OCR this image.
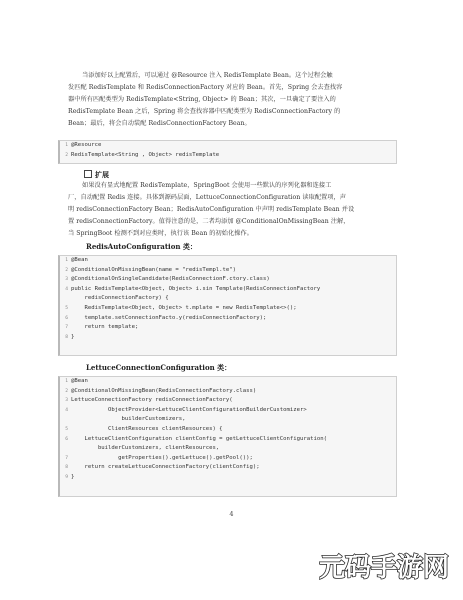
当添加好以上配置后，可以通过 @Resource 注入 RedisTemplate Bean。这个过程会触
发匹配 RedisTemplate 和 RedisConnectionFactory 对应的 Bean。首先，Spring 会去查找容
器中所有匹配类型为 RedisTemplate<String, Object> 的 Bean；其次，一旦确定了要注入的
RedisTemplate Bean 之后，Spring 将会查找容器中匹配类型为 RedisConnectionFactory 的
Bean；最后，将会自动装配 RedisConnectionFactory Bean。
1 @Resource
2 RedisTemplate<String , Object> redisTemplate
扩展
如果没有显式地配置 RedisTemplate，SpringBoot 会使用一些默认的序列化器和连接工
厂，自动配置 Redis 连接。具体到源码层面，LettuceConnectionConfiguration 读取配置项，声
明 redisConnectionFactory Bean；RedisAutoConfiguration 中声明 redisTemplate Bean 并设
置 redisConnectionFactory。值得注意的是，二者均添加 @ConditionalOnMissingBean 注解，
当 SpringBoot 检测不到对应类时，执行该 Bean 的初始化操作。
RedisAutoConfiguration 类：
1 @Bean
2 @ConditionalOnMissingBean(name = "redisTempl.te")
3 @ConditionalOnSingleCandidate(RedisConnectionF.ctory.class)
4 public RedisTemplate<Object, Object> i.sin Template(RedisConnectionFactory
redisConnectionFactory) {
5 RedisTemplate<Object, Object> t.mplate = new RedisTemplate<>();
6 template.setConnectionFacto.y(redisConnectionFactory);
7 return template;
8 }
LettuceConnectionConfiguration 类：
1 @Bean
2 @ConditionalOnMissingBean(RedisConnectionFactory.class)
3 LettuceConnectionFactory redisConnectionFactory(
4 ObjectProvider<LettuceClientConfigurationBuilderCustomizer>
builderCustomizers,
5 ClientResources clientResources) {
6 LettuceClientConfiguration clientConfig = getLettuceClientConfiguration(
builderCustomizers, clientResources,
7 getProperties().getLettuce().getPool());
8 return createLettuceConnectionFactory(clientConfig);
9 }
4
元码手游网
